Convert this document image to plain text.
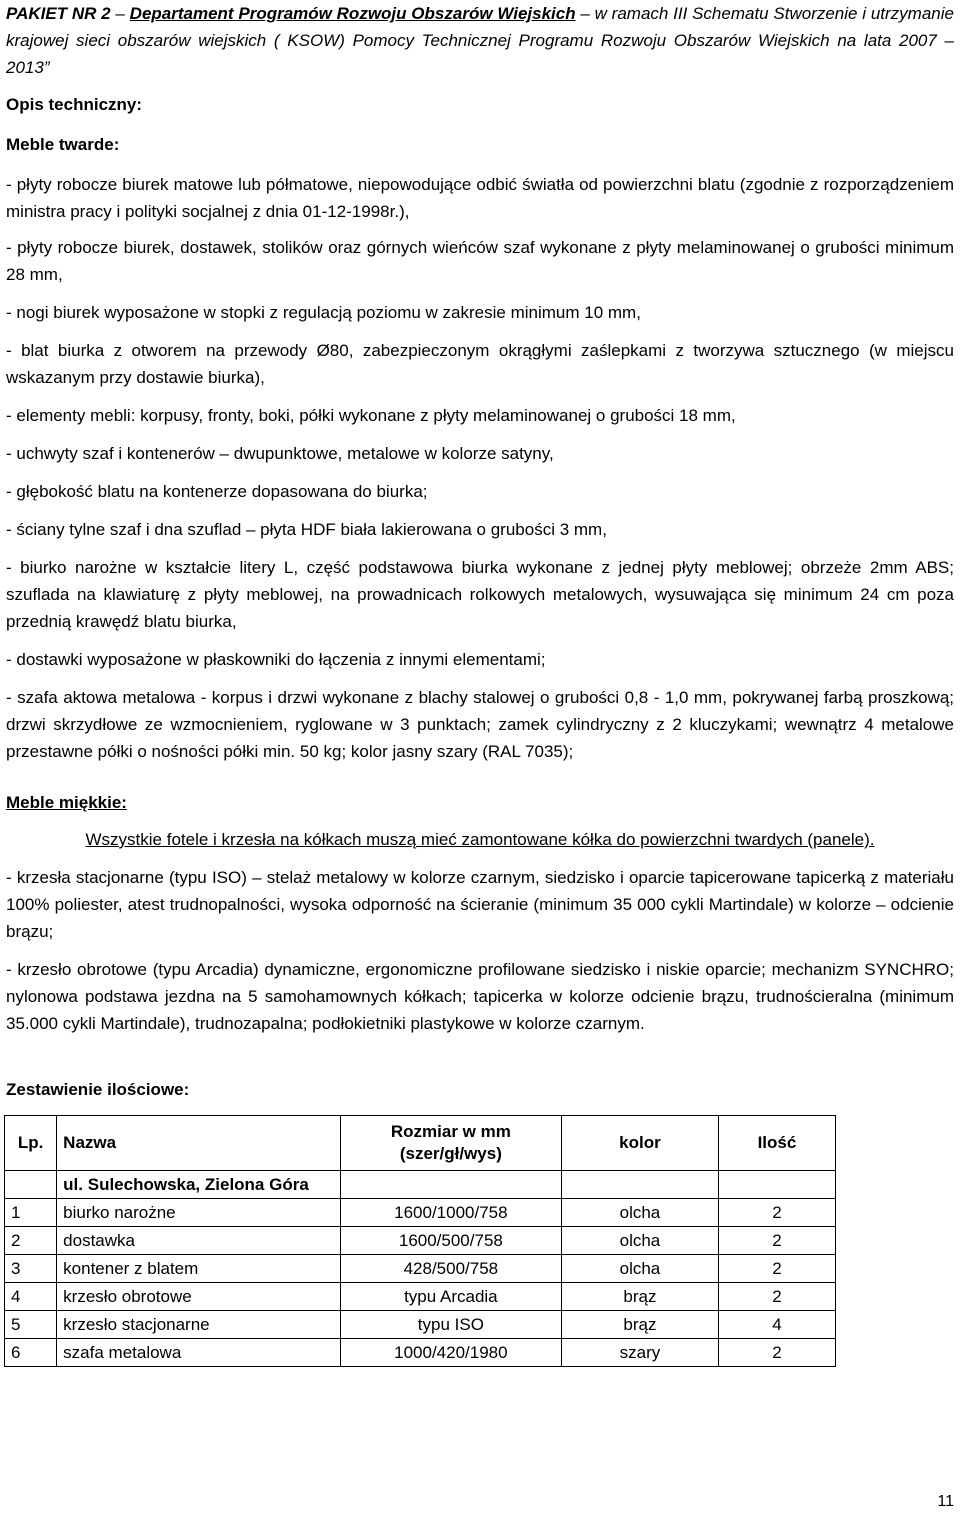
PAKIET NR 2 – Departament Programów Rozwoju Obszarów Wiejskich – w ramach III Schematu Stworzenie i utrzymanie krajowej sieci obszarów wiejskich ( KSOW) Pomocy Technicznej Programu Rozwoju Obszarów Wiejskich na lata 2007 – 2013”
Opis techniczny:
Meble twarde:

- płyty robocze biurek matowe lub półmatowe, niepowodujące odbić światła od powierzchni blatu (zgodnie z rozporządzeniem ministra pracy i polityki socjalnej z dnia 01-12-1998r.),

- płyty robocze biurek, dostawek, stolików oraz górnych wieńców szaf wykonane z płyty melaminowanej o grubości minimum 28 mm,

- nogi biurek wyposażone w stopki z regulacją poziomu w zakresie minimum 10 mm,

- blat biurka z otworem na przewody Ø80, zabezpieczonym okrągłymi zaślepkami z tworzywa sztucznego (w miejscu wskazanym przy dostawie biurka),

- elementy mebli: korpusy, fronty, boki, półki wykonane z płyty melaminowanej o grubości 18 mm,

- uchwyty szaf i kontenerów – dwupunktowe, metalowe w kolorze satyny,

- głębokość blatu na kontenerze dopasowana do biurka;

- ściany tylne szaf i dna szuflad – płyta HDF biała lakierowana o grubości 3 mm,

- biurko narożne w kształcie litery L, część podstawowa biurka wykonane z jednej płyty meblowej; obrzeże 2mm ABS; szuflada na klawiaturę z płyty meblowej, na prowadnicach rolkowych metalowych, wysuwająca się minimum 24 cm poza przednią krawędź blatu biurka,

- dostawki wyposażone w płaskowniki do łączenia z innymi elementami;

- szafa aktowa metalowa - korpus i drzwi wykonane z blachy stalowej o grubości 0,8 - 1,0 mm, pokrywanej farbą proszkową; drzwi skrzydłowe ze wzmocnieniem, ryglowane w 3 punktach; zamek cylindryczny z 2 kluczykami; wewnątrz 4 metalowe przestawne półki o nośności półki min. 50 kg; kolor jasny szary (RAL 7035);

Meble miękkie:
Wszystkie fotele i krzesła na kółkach muszą mieć zamontowane kółka do powierzchni twardych (panele).

- krzesła stacjonarne (typu ISO) – stelaż metalowy w kolorze czarnym, siedzisko i oparcie tapicerowane tapicerką z materiału 100% poliester, atest trudnopalności, wysoka odporność na ścieranie (minimum 35 000 cykli Martindale) w kolorze – odcienie brązu;

- krzesło obrotowe (typu Arcadia) dynamiczne, ergonomiczne profilowane siedzisko i niskie oparcie; mechanizm SYNCHRO; nylonowa podstawa jezdna na 5 samohamownych kółkach; tapicerka w kolorze odcienie brązu, trudnościeralna (minimum 35.000 cykli Martindale), trudnozapalna; podłokietniki plastykowe w kolorze czarnym.

Zestawienie ilościowe:
Lp.	Nazwa	Rozmiar w mm
(szer/gł/wys)	kolor	Ilość
	ul. Sulechowska, Zielona Góra			
1	biurko narożne	1600/1000/758	olcha	2
2	dostawka	1600/500/758	olcha	2
3	kontener z blatem	428/500/758	olcha	2
4	krzesło obrotowe	typu Arcadia	brąz	2
5	krzesło stacjonarne	typu ISO	brąz	4
6	szafa metalowa	1000/420/1980	szary	2
11
